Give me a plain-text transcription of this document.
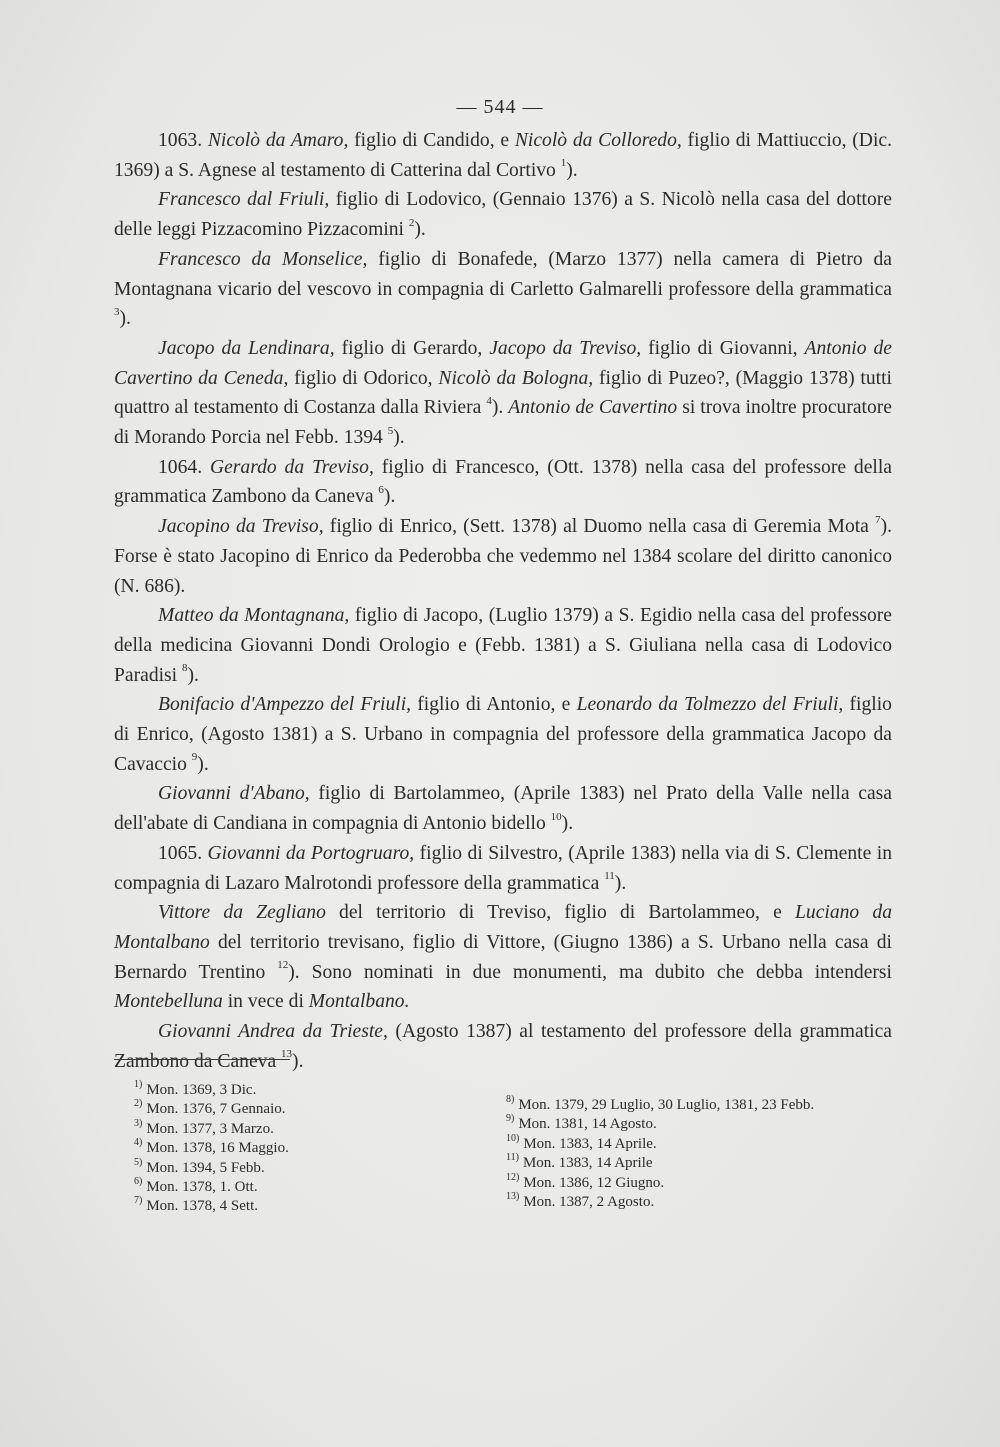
— 544 —

1063. Nicolò da Amaro, figlio di Candido, e Nicolò da Colloredo, figlio di Mattiuccio, (Dic. 1369) a S. Agnese al testamento di Catterina dal Cortivo $^1$).

Francesco dal Friuli, figlio di Lodovico, (Gennaio 1376) a S. Nicolò nella casa del dottore delle leggi Pizzacomino Pizzacomini $^2$).

Francesco da Monselice, figlio di Bonafede, (Marzo 1377) nella camera di Pietro da Montagnana vicario del vescovo in compagnia di Carletto Galmarelli professore della grammatica $^3$).

Jacopo da Lendinara, figlio di Gerardo, Jacopo da Treviso, figlio di Giovanni, Antonio de Cavertino da Ceneda, figlio di Odorico, Nicolò da Bologna, figlio di Puzeo?, (Maggio 1378) tutti quattro al testamento di Costanza dalla Riviera $^4$). Antonio de Cavertino si trova inoltre procuratore di Morando Porcia nel Febb. 1394 $^5$).

1064. Gerardo da Treviso, figlio di Francesco, (Ott. 1378) nella casa del professore della grammatica Zambono da Caneva $^6$).

Jacopino da Treviso, figlio di Enrico, (Sett. 1378) al Duomo nella casa di Geremia Mota $^7$). Forse è stato Jacopino di Enrico da Pederobba che vedemmo nel 1384 scolare del diritto canonico (N. 686).

Matteo da Montagnana, figlio di Jacopo, (Luglio 1379) a S. Egidio nella casa del professore della medicina Giovanni Dondi Orologio e (Febb. 1381) a S. Giuliana nella casa di Lodovico Paradisi $^8$).

Bonifacio d'Ampezzo del Friuli, figlio di Antonio, e Leonardo da Tolmezzo del Friuli, figlio di Enrico, (Agosto 1381) a S. Urbano in compagnia del professore della grammatica Jacopo da Cavaccio $^9$).

Giovanni d'Abano, figlio di Bartolammeo, (Aprile 1383) nel Prato della Valle nella casa dell'abate di Candiana in compagnia di Antonio bidello $^{10}$).

1065. Giovanni da Portogruaro, figlio di Silvestro, (Aprile 1383) nella via di S. Clemente in compagnia di Lazaro Malrotondi professore della grammatica $^{11}$).

Vittore da Zegliano del territorio di Treviso, figlio di Bartolammeo, e Luciano da Montalbano del territorio trevisano, figlio di Vittore, (Giugno 1386) a S. Urbano nella casa di Bernardo Trentino $^{12}$). Sono nominati in due monumenti, ma dubito che debba intendersi Montebelluna in vece di Montalbano.

Giovanni Andrea da Trieste, (Agosto 1387) al testamento del professore della grammatica Zambono da Caneva $^{13}$).

$^{1)}$ Mon. 1369, 3 Dic.
$^{2)}$ Mon. 1376, 7 Gennaio.
$^{3)}$ Mon. 1377, 3 Marzo.
$^{4)}$ Mon. 1378, 16 Maggio.
$^{5)}$ Mon. 1394, 5 Febb.
$^{6)}$ Mon. 1378, 1. Ott.
$^{7)}$ Mon. 1378, 4 Sett.
$^{8)}$ Mon. 1379, 29 Luglio, 30 Luglio, 1381, 23 Febb.
$^{9)}$ Mon. 1381, 14 Agosto.
$^{10)}$ Mon. 1383, 14 Aprile.
$^{11)}$ Mon. 1383, 14 Aprile
$^{12)}$ Mon. 1386, 12 Giugno.
$^{13)}$ Mon. 1387, 2 Agosto.
